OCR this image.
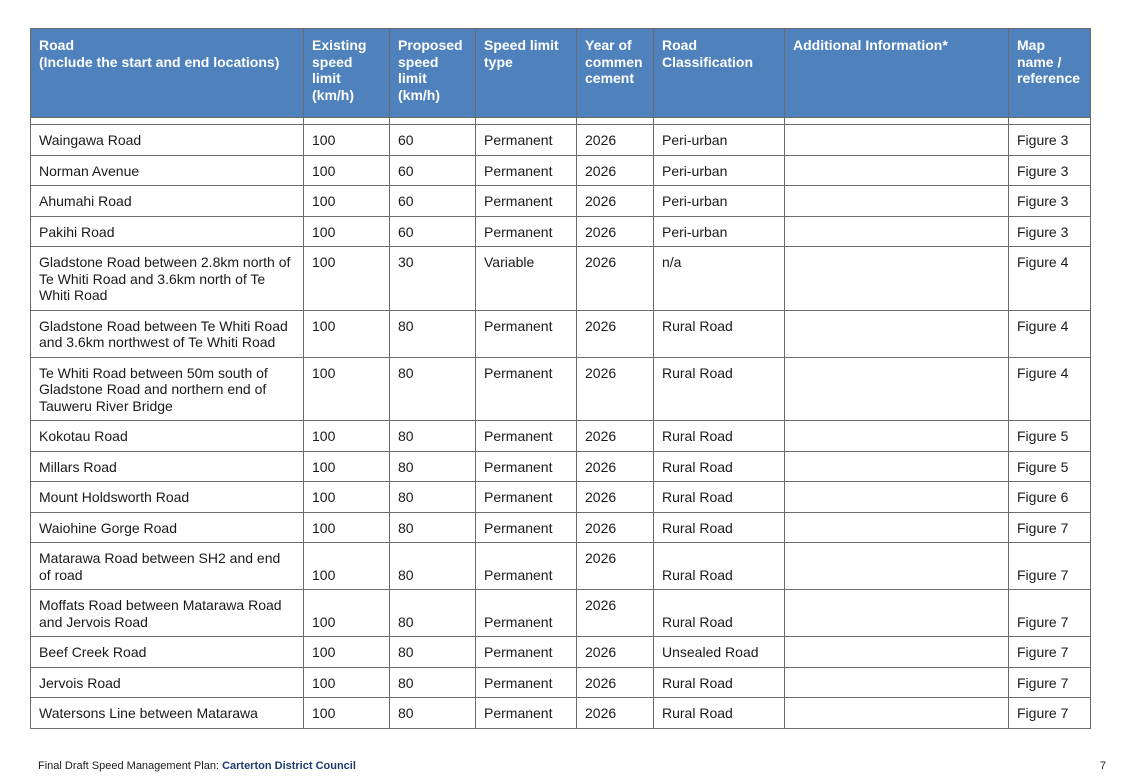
Road
(Include the start and end locations)	Existing speed limit (km/h)	Proposed speed limit (km/h)	Speed limit type	Year of commen cement	Road Classification	Additional Information*	Map name / reference

Waingawa Road	100	60	Permanent	2026	Peri-urban		Figure 3
Norman Avenue	100	60	Permanent	2026	Peri-urban		Figure 3
Ahumahi Road	100	60	Permanent	2026	Peri-urban		Figure 3
Pakihi Road	100	60	Permanent	2026	Peri-urban		Figure 3
Gladstone Road between 2.8km north of Te Whiti Road and 3.6km north of Te Whiti Road	100	30	Variable	2026	n/a		Figure 4
Gladstone Road between Te Whiti Road and 3.6km northwest of Te Whiti Road	100	80	Permanent	2026	Rural Road		Figure 4
Te Whiti Road between 50m south of Gladstone Road and northern end of Tauweru River Bridge	100	80	Permanent	2026	Rural Road		Figure 4
Kokotau Road	100	80	Permanent	2026	Rural Road		Figure 5
Millars Road	100	80	Permanent	2026	Rural Road		Figure 5
Mount Holdsworth Road	100	80	Permanent	2026	Rural Road		Figure 6
Waiohine Gorge Road	100	80	Permanent	2026	Rural Road		Figure 7
Matarawa Road between SH2 and end of road	100	80	Permanent	2026	Rural Road		Figure 7
Moffats Road between Matarawa Road and Jervois Road	100	80	Permanent	2026	Rural Road		Figure 7
Beef Creek Road	100	80	Permanent	2026	Unsealed Road		Figure 7
Jervois Road	100	80	Permanent	2026	Rural Road		Figure 7
Watersons Line between Matarawa	100	80	Permanent	2026	Rural Road		Figure 7
Final Draft Speed Management Plan: Carterton District Council	7
